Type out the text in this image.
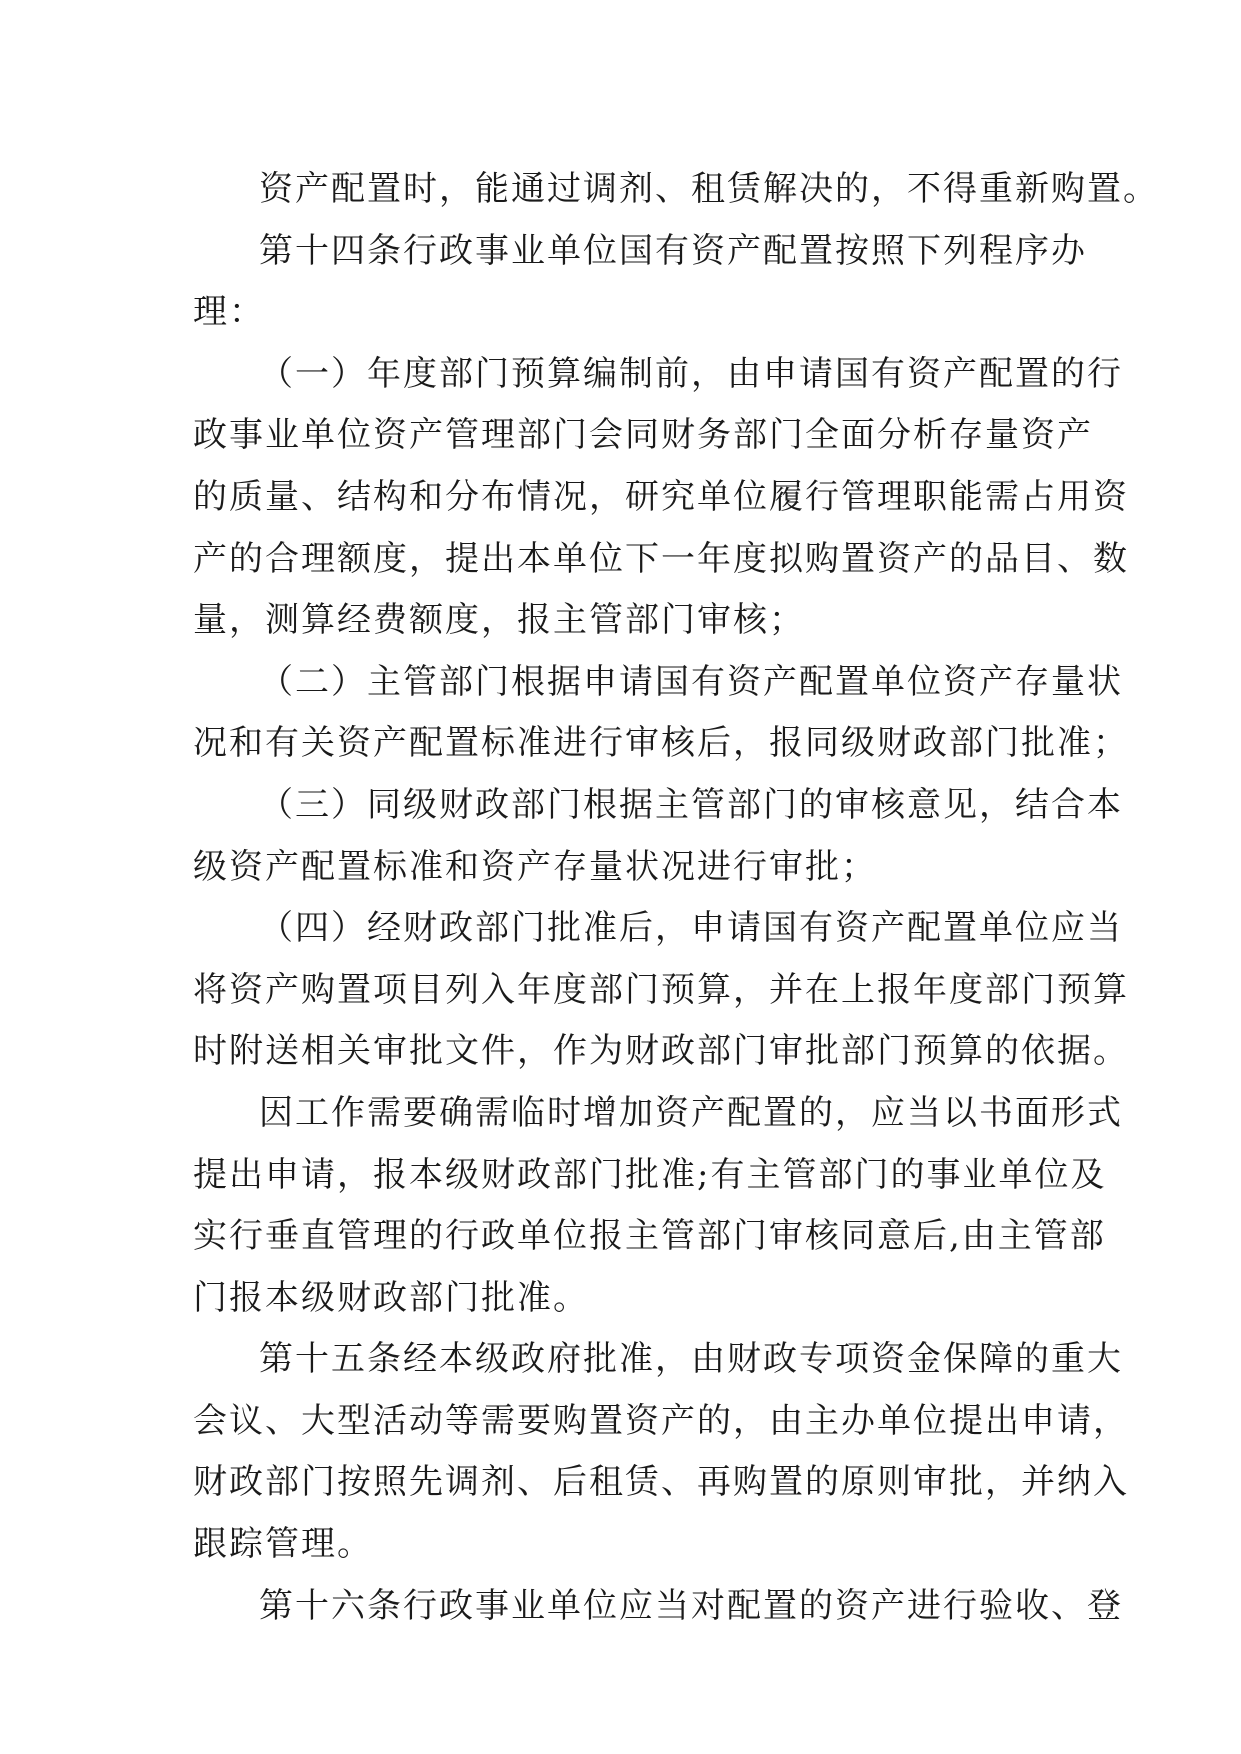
资产配置时，能通过调剂、租赁解决的，不得重新购置。
第十四条行政事业单位国有资产配置按照下列程序办
理：
（一）年度部门预算编制前，由申请国有资产配置的行
政事业单位资产管理部门会同财务部门全面分析存量资产
的质量、结构和分布情况，研究单位履行管理职能需占用资
产的合理额度，提出本单位下一年度拟购置资产的品目、数
量，测算经费额度，报主管部门审核；
（二）主管部门根据申请国有资产配置单位资产存量状
况和有关资产配置标准进行审核后，报同级财政部门批准；
（三）同级财政部门根据主管部门的审核意见，结合本
级资产配置标准和资产存量状况进行审批；
（四）经财政部门批准后，申请国有资产配置单位应当
将资产购置项目列入年度部门预算，并在上报年度部门预算
时附送相关审批文件，作为财政部门审批部门预算的依据。
因工作需要确需临时增加资产配置的，应当以书面形式
提出申请，报本级财政部门批准;有主管部门的事业单位及
实行垂直管理的行政单位报主管部门审核同意后,由主管部
门报本级财政部门批准。
第十五条经本级政府批准，由财政专项资金保障的重大
会议、大型活动等需要购置资产的，由主办单位提出申请，
财政部门按照先调剂、后租赁、再购置的原则审批，并纳入
跟踪管理。
第十六条行政事业单位应当对配置的资产进行验收、登
